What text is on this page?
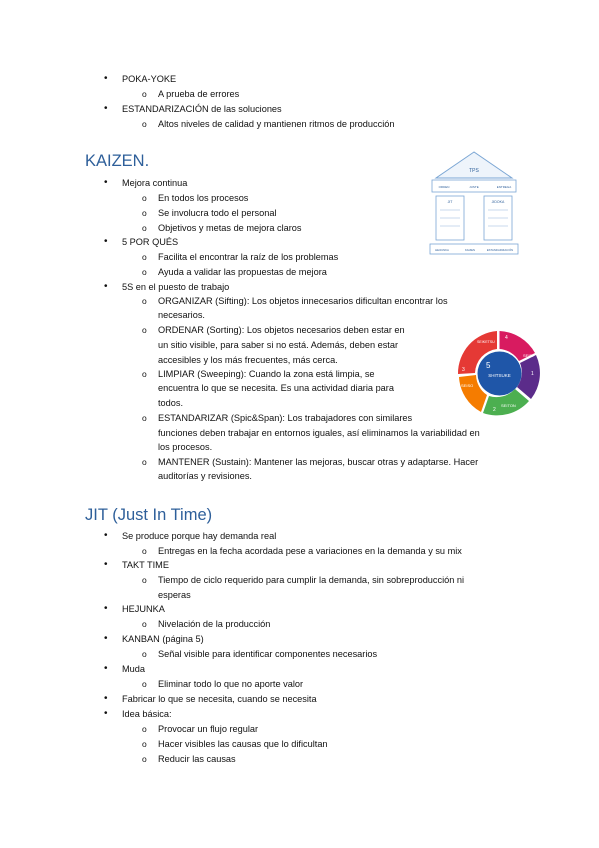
• POKA-YOKE
o A prueba de errores
• ESTANDARIZACIÓN de las soluciones
o Altos niveles de calidad y mantienen ritmos de producción
KAIZEN.
• Mejora continua
o En todos los procesos
o Se involucra todo el personal
o Objetivos y metas de mejora claros
• 5 POR QUÉS
o Facilita el encontrar la raíz de los problemas
o Ayuda a validar las propuestas de mejora
• 5S en el puesto de trabajo
o ORGANIZAR (Sifting): Los objetos innecesarios dificultan encontrar los
necesarios.
o ORDENAR (Sorting): Los objetos necesarios deben estar en
un sitio visible, para saber si no está. Además, deben estar
accesibles y los más frecuentes, más cerca.
o LIMPIAR (Sweeping): Cuando la zona está limpia, se
encuentra lo que se necesita. Es una actividad diaria para
todos.
o ESTANDARIZAR (Spic&Span): Los trabajadores con similares
funciones deben trabajar en entornos iguales, así eliminamos la variabilidad en
los procesos.
o MANTENER (Sustain): Mantener las mejoras, buscar otras y adaptarse. Hacer
auditorías y revisiones.
TPS
ORDEN	JUSTE	ENTREGA
JIT	JIDOKA
HEIJUNKA	KAIZEN	ESTANDARIZACIÓN
5
SHITSUKE
SEIKETSU
SEIRI
SEITON
SEISO
4
1
2
3
JIT (Just In Time)
• Se produce porque hay demanda real
o Entregas en la fecha acordada pese a variaciones en la demanda y su mix
• TAKT TIME
o Tiempo de ciclo requerido para cumplir la demanda, sin sobreproducción ni
esperas
• HEJUNKA
o Nivelación de la producción
• KANBAN (página 5)
o Señal visible para identificar componentes necesarios
• Muda
o Eliminar todo lo que no aporte valor
• Fabricar lo que se necesita, cuando se necesita
• Idea básica:
o Provocar un flujo regular
o Hacer visibles las causas que lo dificultan
o Reducir las causas
